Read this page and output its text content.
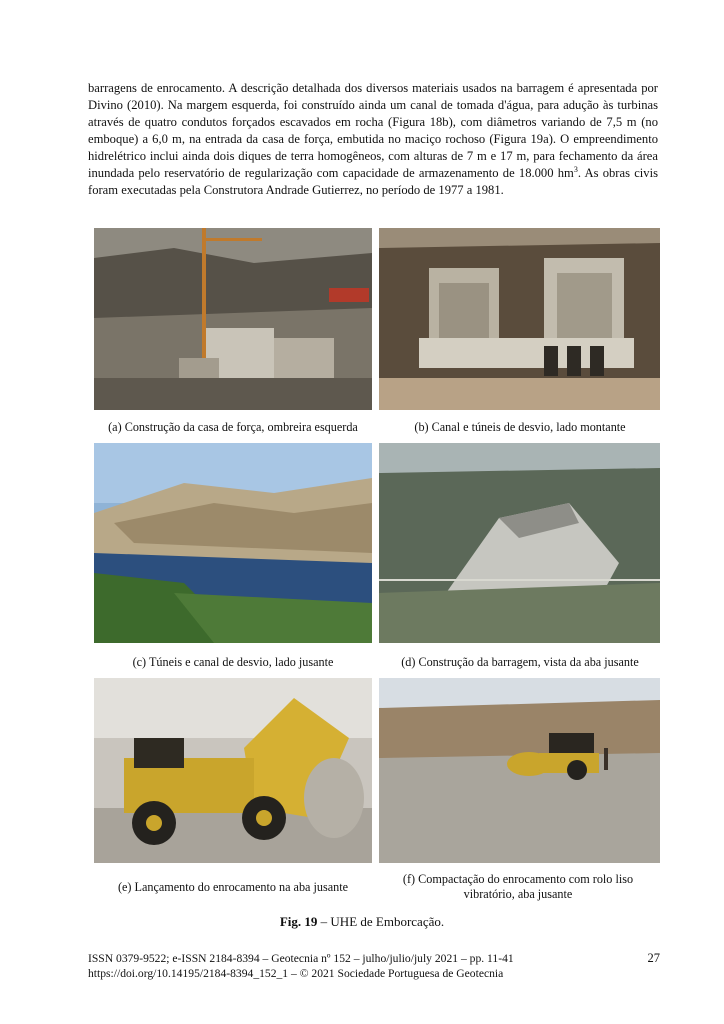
barragens de enrocamento. A descrição detalhada dos diversos materiais usados na barragem é apresentada por Divino (2010). Na margem esquerda, foi construído ainda um canal de tomada d'água, para adução às turbinas através de quatro condutos forçados escavados em rocha (Figura 18b), com diâmetros variando de 7,5 m (no emboque) a 6,0 m, na entrada da casa de força, embutida no maciço rochoso (Figura 19a). O empreendimento hidrelétrico inclui ainda dois diques de terra homogêneos, com alturas de 7 m e 17 m, para fechamento da área inundada pelo reservatório de regularização com capacidade de armazenamento de 18.000 $hm^3$. As obras civis foram executadas pela Construtora Andrade Gutierrez, no período de 1977 a 1981.

(a) Construção da casa de força, ombreira esquerda	(b) Canal e túneis de desvio, lado montante
(c) Túneis e canal de desvio, lado jusante	(d) Construção da barragem, vista da aba jusante
(e) Lançamento do enrocamento na aba jusante
(f) Compactação do enrocamento com rolo liso vibratório, aba jusante
Fig. 19 – UHE de Emborcação.
ISSN 0379-9522; e-ISSN 2184-8394 – Geotecnia nº 152 – julho/julio/july 2021 – pp. 11-41
https://doi.org/10.14195/2184-8394_152_1 – © 2021 Sociedade Portuguesa de Geotecnia
27
